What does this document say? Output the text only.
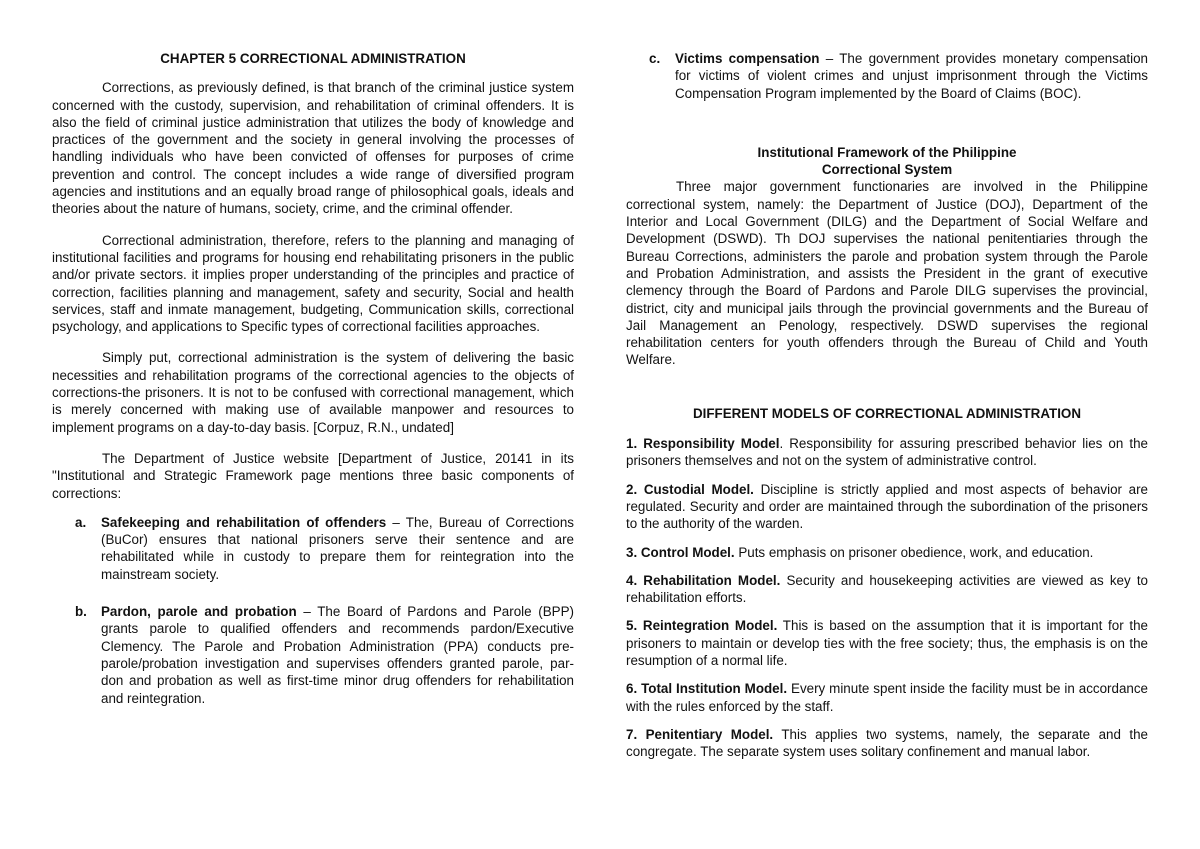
CHAPTER 5 CORRECTIONAL ADMINISTRATION

Corrections, as previously defined, is that branch of the criminal justice system concerned with the custody, supervision, and rehabilitation of criminal offenders. It is also the field of criminal justice administration that utilizes the body of knowledge and practices of the government and the society in general involving the processes of handling individuals who have been convicted of offenses for purposes of crime prevention and control. The concept includes a wide range of diversified program agencies and institutions and an equally broad range of philosophical goals, ideals and theories about the nature of humans, society, crime, and the criminal offender.

Correctional administration, therefore, refers to the planning and managing of institutional facilities and programs for housing end rehabilitating prisoners in the public and/or private sectors. it implies proper understanding of the principles and practice of correction, facilities planning and management, safety and security, Social and health services, staff and inmate management, budgeting, Communication skills, correctional psychology, and applications to Specific types of correctional facilities approaches.

Simply put, correctional administration is the system of delivering the basic necessities and rehabilitation programs of the correctional agencies to the objects of corrections-the prisoners. It is not to be confused with correctional management, which is merely concerned with making use of available manpower and resources to implement programs on a day-to-day basis. [Corpuz, R.N., undated]

The Department of Justice website [Department of Justice, 20141 in its "Institutional and Strategic Framework page mentions three basic components of corrections:

a. Safekeeping and rehabilitation of offenders – The, Bureau of Corrections (BuCor) ensures that national prisoners serve their sentence and are rehabilitated while in custody to prepare them for reintegration into the mainstream society.
b. Pardon, parole and probation – The Board of Pardons and Parole (BPP) grants parole to qualified offenders and recommends pardon/Executive Clemency. The Parole and Probation Administration (PPA) conducts pre-parole/probation investigation and supervises offenders granted parole, par- don and probation as well as first-time minor drug offenders for rehabilitation and reintegration.
c. Victims compensation – The government provides monetary compensation for victims of violent crimes and unjust imprisonment through the Victims Compensation Program implemented by the Board of Claims (BOC).
Institutional Framework of the Philippine
Correctional System

Three major government functionaries are involved in the Philippine correctional system, namely: the Department of Justice (DOJ), Department of the Interior and Local Government (DILG) and the Department of Social Welfare and Development (DSWD). Th DOJ supervises the national penitentiaries through the Bureau Corrections, administers the parole and probation system through the Parole and Probation Administration, and assists the President in the grant of executive clemency through the Board of Pardons and Parole DILG supervises the provincial, district, city and municipal jails through the provincial governments and the Bureau of Jail Management an Penology, respectively. DSWD supervises the regional rehabilitation centers for youth offenders through the Bureau of Child and Youth Welfare.

DIFFERENT MODELS OF CORRECTIONAL ADMINISTRATION

1. Responsibility Model. Responsibility for assuring prescribed behavior lies on the prisoners themselves and not on the system of administrative control.

2. Custodial Model. Discipline is strictly applied and most aspects of behavior are regulated. Security and order are maintained through the subordination of the prisoners to the authority of the warden.

3. Control Model. Puts emphasis on prisoner obedience, work, and education.

4. Rehabilitation Model. Security and housekeeping activities are viewed as key to rehabilitation efforts.

5. Reintegration Model. This is based on the assumption that it is important for the prisoners to maintain or develop ties with the free society; thus, the emphasis is on the resumption of a normal life.

6. Total Institution Model. Every minute spent inside the facility must be in accordance with the rules enforced by the staff.

7. Penitentiary Model. This applies two systems, namely, the separate and the congregate. The separate system uses solitary confinement and manual labor.
